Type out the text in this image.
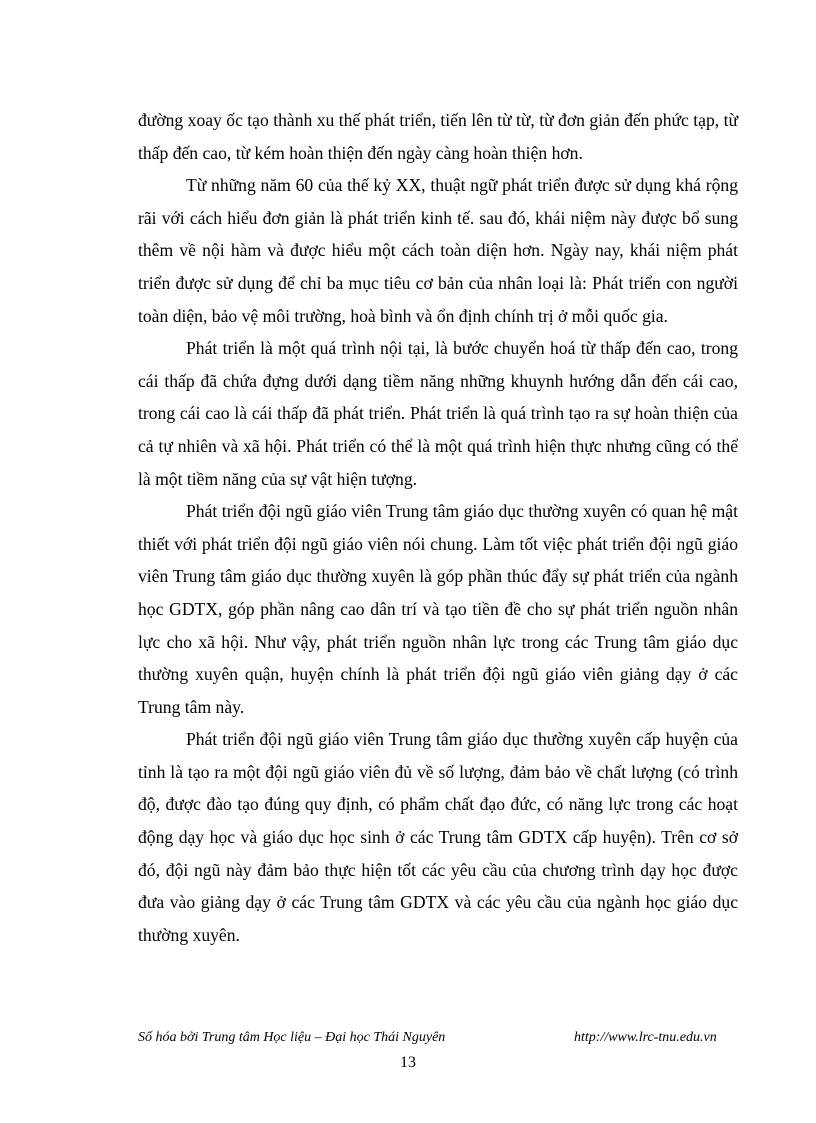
đường xoay ốc tạo thành xu thế phát triển, tiến lên từ từ, từ đơn giản đến phức tạp, từ thấp đến cao, từ kém hoàn thiện đến ngày càng hoàn thiện hơn.

Từ những năm 60 của thế kỷ XX, thuật ngữ phát triển được sử dụng khá rộng rãi với cách hiểu đơn giản là phát triển kinh tế. sau đó, khái niệm này được bổ sung thêm về nội hàm và được hiểu một cách toàn diện hơn. Ngày nay, khái niệm phát triển được sử dụng để chỉ ba mục tiêu cơ bản của nhân loại là: Phát triển con người toàn diện, bảo vệ môi trường, hoà bình và ổn định chính trị ở mỗi quốc gia.

Phát triển là một quá trình nội tại, là bước chuyển hoá từ thấp đến cao, trong cái thấp đã chứa đựng dưới dạng tiềm năng những khuynh hướng dẫn đến cái cao, trong cái cao là cái thấp đã phát triển. Phát triển là quá trình tạo ra sự hoàn thiện của cả tự nhiên và xã hội. Phát triển có thể là một quá trình hiện thực nhưng cũng có thể là một tiềm năng của sự vật hiện tượng.

Phát triển đội ngũ giáo viên Trung tâm giáo dục thường xuyên có quan hệ mật thiết với phát triển đội ngũ giáo viên nói chung. Làm tốt việc phát triển đội ngũ giáo viên Trung tâm giáo dục thường xuyên là góp phần thúc đẩy sự phát triển của ngành học GDTX, góp phần nâng cao dân trí và tạo tiền đề cho sự phát triển nguồn nhân lực cho xã hội. Như vậy, phát triển nguồn nhân lực trong các Trung tâm giáo dục thường xuyên quận, huyện chính là phát triển đội ngũ giáo viên giảng dạy ở các Trung tâm này.

Phát triển đội ngũ giáo viên Trung tâm giáo dục thường xuyên cấp huyện của tỉnh là tạo ra một đội ngũ giáo viên đủ về số lượng, đảm bảo về chất lượng (có trình độ, được đào tạo đúng quy định, có phẩm chất đạo đức, có năng lực trong các hoạt động dạy học và giáo dục học sinh ở các Trung tâm GDTX cấp huyện). Trên cơ sở đó, đội ngũ này đảm bảo thực hiện tốt các yêu cầu của chương trình dạy học được đưa vào giảng dạy ở các Trung tâm GDTX và các yêu cầu của ngành học giáo dục thường xuyên.

Số hóa bởi Trung tâm Học liệu – Đại học Thái Nguyên	http://www.lrc-tnu.edu.vn
13
